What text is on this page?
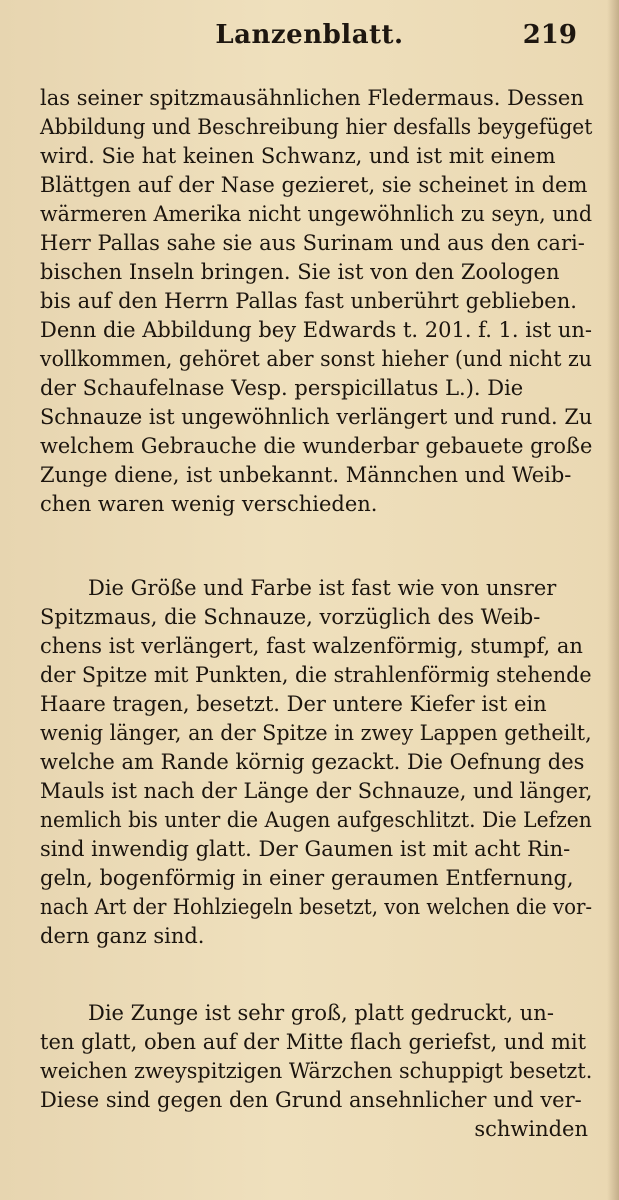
Lanzenblatt.	219
las seiner spitzmausähnlichen Fledermaus. Dessen
Abbildung und Beschreibung hier desfalls beygefüget
wird. Sie hat keinen Schwanz, und ist mit einem
Blättgen auf der Nase gezieret, sie scheinet in dem
wärmeren Amerika nicht ungewöhnlich zu seyn, und
Herr Pallas sahe sie aus Surinam und aus den cari-
bischen Inseln bringen. Sie ist von den Zoologen
bis auf den Herrn Pallas fast unberührt geblieben.
Denn die Abbildung bey Edwards t. 201. f. 1. ist un-
vollkommen, gehöret aber sonst hieher (und nicht zu
der Schaufelnase Vesp. perspicillatus L.). Die
Schnauze ist ungewöhnlich verlängert und rund. Zu
welchem Gebrauche die wunderbar gebauete große
Zunge diene, ist unbekannt. Männchen und Weib-
chen waren wenig verschieden.
Die Größe und Farbe ist fast wie von unsrer
Spitzmaus, die Schnauze, vorzüglich des Weib-
chens ist verlängert, fast walzenförmig, stumpf, an
der Spitze mit Punkten, die strahlenförmig stehende
Haare tragen, besetzt. Der untere Kiefer ist ein
wenig länger, an der Spitze in zwey Lappen getheilt,
welche am Rande körnig gezackt. Die Oefnung des
Mauls ist nach der Länge der Schnauze, und länger,
nemlich bis unter die Augen aufgeschlitzt. Die Lefzen
sind inwendig glatt. Der Gaumen ist mit acht Rin-
geln, bogenförmig in einer geraumen Entfernung,
nach Art der Hohlziegeln besetzt, von welchen die vor-
dern ganz sind.
Die Zunge ist sehr groß, platt gedruckt, un-
ten glatt, oben auf der Mitte flach geriefst, und mit
weichen zweyspitzigen Wärzchen schuppigt besetzt.
Diese sind gegen den Grund ansehnlicher und ver-
schwinden
